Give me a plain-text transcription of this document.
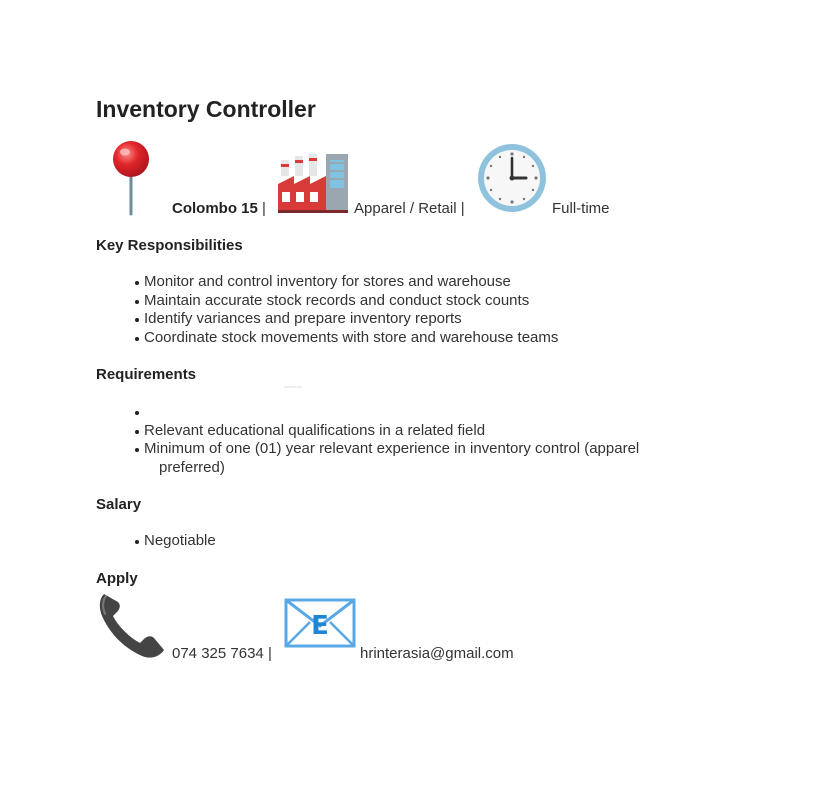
Inventory Controller
Colombo 15 |	Apparel / Retail |	Full-time
Key Responsibilities
Monitor and control inventory for stores and warehouse
Maintain accurate stock records and conduct stock counts
Identify variances and prepare inventory reports
Coordinate stock movements with store and warehouse teams
Requirements
Relevant educational qualifications in a related field
Minimum of one (01) year relevant experience in inventory control (apparel
preferred)
Salary
Negotiable
Apply
074 325 7634 |
E
hrinterasia@gmail.com
